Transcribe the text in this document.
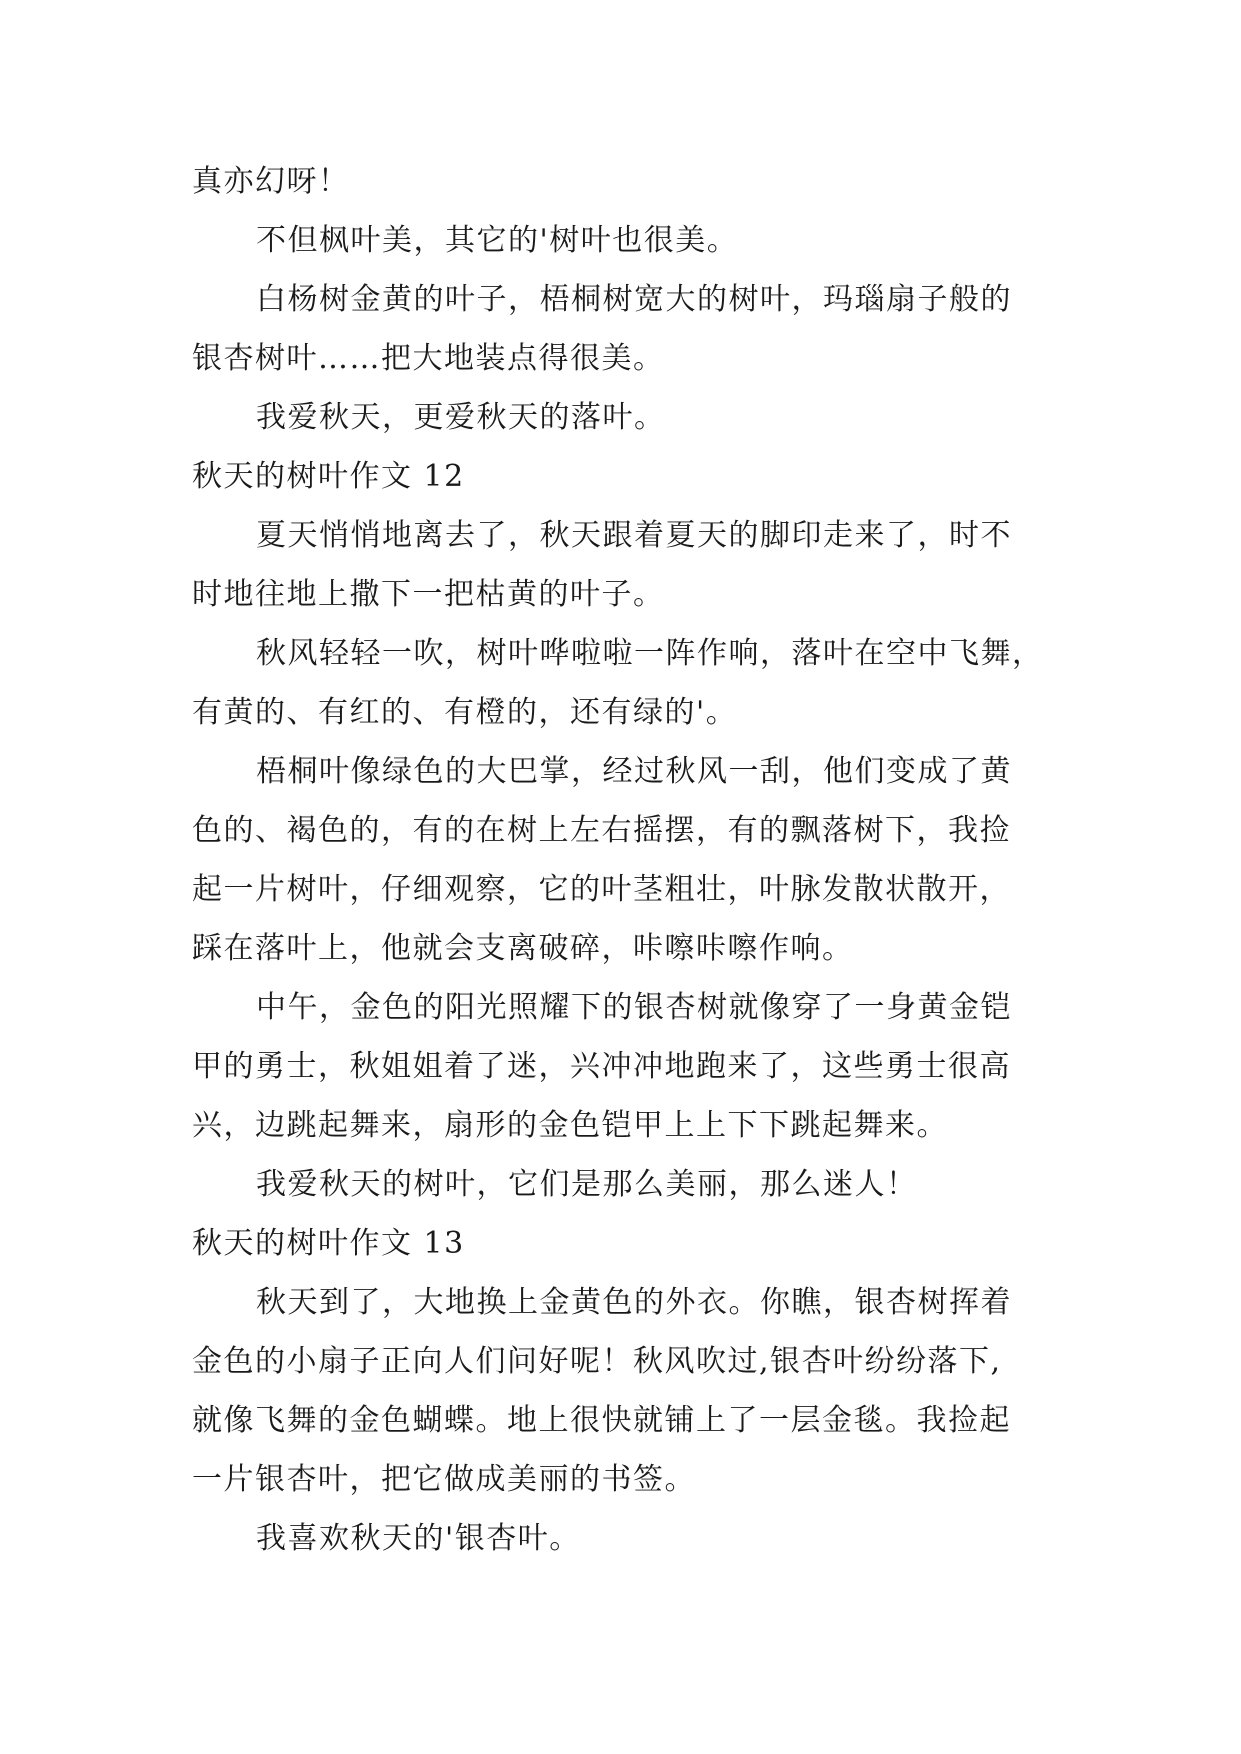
真亦幻呀！
不但枫叶美，其它的'树叶也很美。
白杨树金黄的叶子，梧桐树宽大的树叶，玛瑙扇子般的
银杏树叶……把大地装点得很美。
我爱秋天，更爱秋天的落叶。
秋天的树叶作文 12
夏天悄悄地离去了，秋天跟着夏天的脚印走来了，时不
时地往地上撒下一把枯黄的叶子。
秋风轻轻一吹，树叶哗啦啦一阵作响，落叶在空中飞舞，
有黄的、有红的、有橙的，还有绿的'。
梧桐叶像绿色的大巴掌，经过秋风一刮，他们变成了黄
色的、褐色的，有的在树上左右摇摆，有的飘落树下，我捡
起一片树叶，仔细观察，它的叶茎粗壮，叶脉发散状散开，
踩在落叶上，他就会支离破碎，咔嚓咔嚓作响。
中午，金色的阳光照耀下的银杏树就像穿了一身黄金铠
甲的勇士，秋姐姐着了迷，兴冲冲地跑来了，这些勇士很高
兴，边跳起舞来，扇形的金色铠甲上上下下跳起舞来。
我爱秋天的树叶，它们是那么美丽，那么迷人！
秋天的树叶作文 13
秋天到了，大地换上金黄色的外衣。你瞧，银杏树挥着
金色的小扇子正向人们问好呢！秋风吹过,银杏叶纷纷落下,
就像飞舞的金色蝴蝶。地上很快就铺上了一层金毯。我捡起
一片银杏叶，把它做成美丽的书签。
我喜欢秋天的'银杏叶。
